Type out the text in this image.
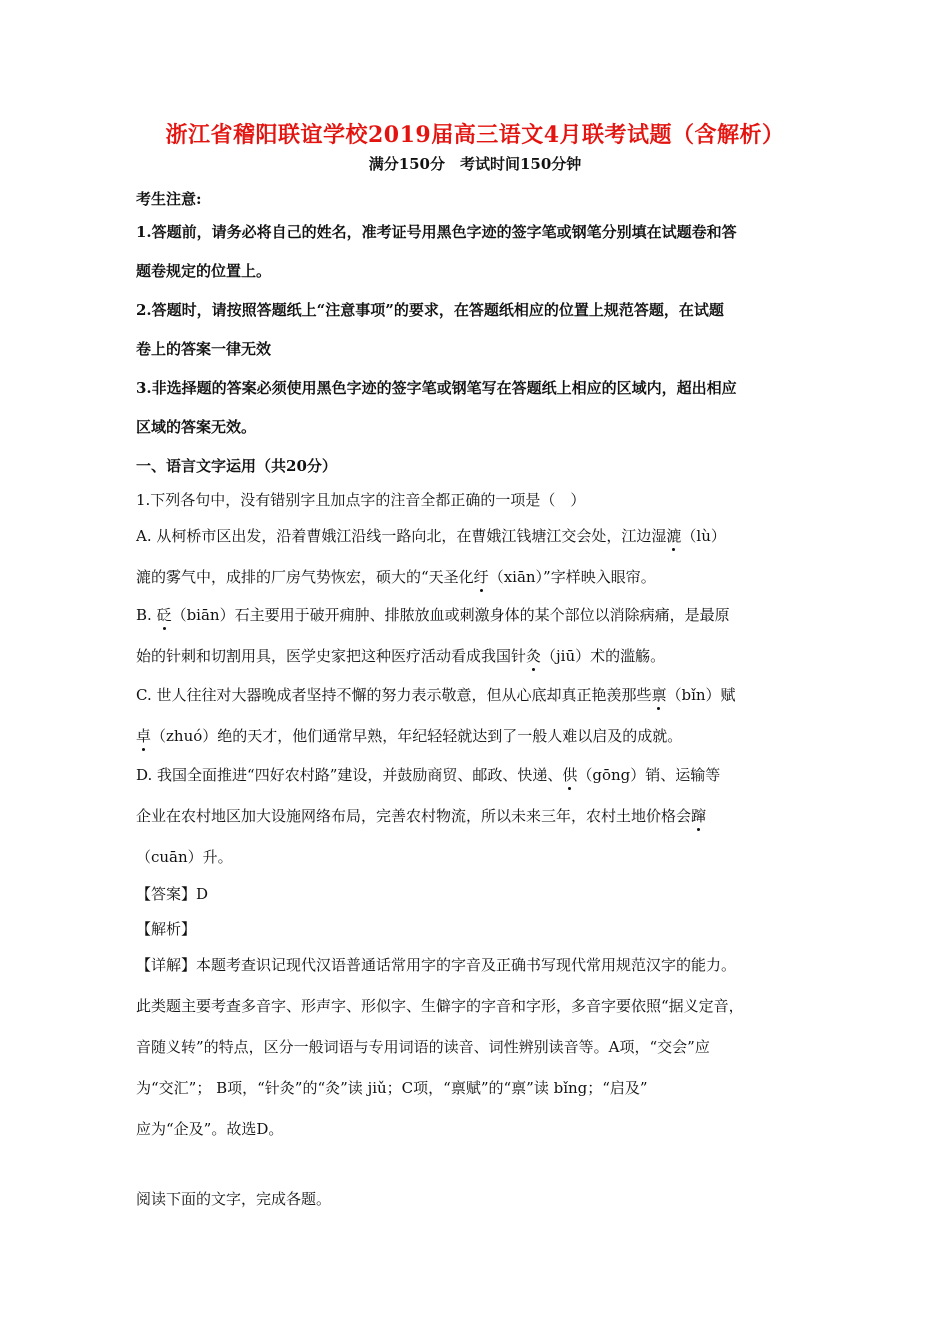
浙江省稽阳联谊学校2019届高三语文4月联考试题（含解析）
满分150分　考试时间150分钟
考生注意:
1.答题前，请务必将自己的姓名，准考证号用黑色字迹的签字笔或钢笔分别填在试题卷和答
题卷规定的位置上。
2.答题时，请按照答题纸上“注意事项”的要求，在答题纸相应的位置上规范答题，在试题
卷上的答案一律无效
3.非选择题的答案必须使用黑色字迹的签字笔或钢笔写在答题纸上相应的区域内，超出相应
区域的答案无效。
一、语言文字运用（共20分）
1.下列各句中，没有错别字且加点字的注音全都正确的一项是（　）
A. 从柯桥市区出发，沿着曹娥江沿线一路向北，在曹娥江钱塘江交会处，江边湿漉（lù）
漉的雾气中，成排的厂房气势恢宏，硕大的“天圣化纡（xiān）”字样映入眼帘。
B. 砭（biān）石主要用于破开痈肿、排脓放血或刺激身体的某个部位以消除病痛，是最原
始的针刺和切割用具，医学史家把这种医疗活动看成我国针灸（jiū）术的滥觞。
C. 世人往往对大器晚成者坚持不懈的努力表示敬意，但从心底却真正艳羡那些禀（bǐn）赋
卓（zhuó）绝的天才，他们通常早熟，年纪轻轻就达到了一般人难以启及的成就。
D. 我国全面推进“四好农村路”建设，并鼓励商贸、邮政、快递、供（gōng）销、运输等
企业在农村地区加大设施网络布局，完善农村物流，所以未来三年，农村土地价格会蹿
（cuān）升。
【答案】D
【解析】
【详解】本题考查识记现代汉语普通话常用字的字音及正确书写现代常用规范汉字的能力。
此类题主要考查多音字、形声字、形似字、生僻字的字音和字形，多音字要依照“据义定音，
音随义转”的特点，区分一般词语与专用词语的读音、词性辨别读音等。A项，“交会”应
为“交汇”； B项，“针灸”的“灸”读 jiǔ；C项，“禀赋”的“禀”读 bǐng；“启及”
应为“企及”。故选D。
阅读下面的文字，完成各题。
